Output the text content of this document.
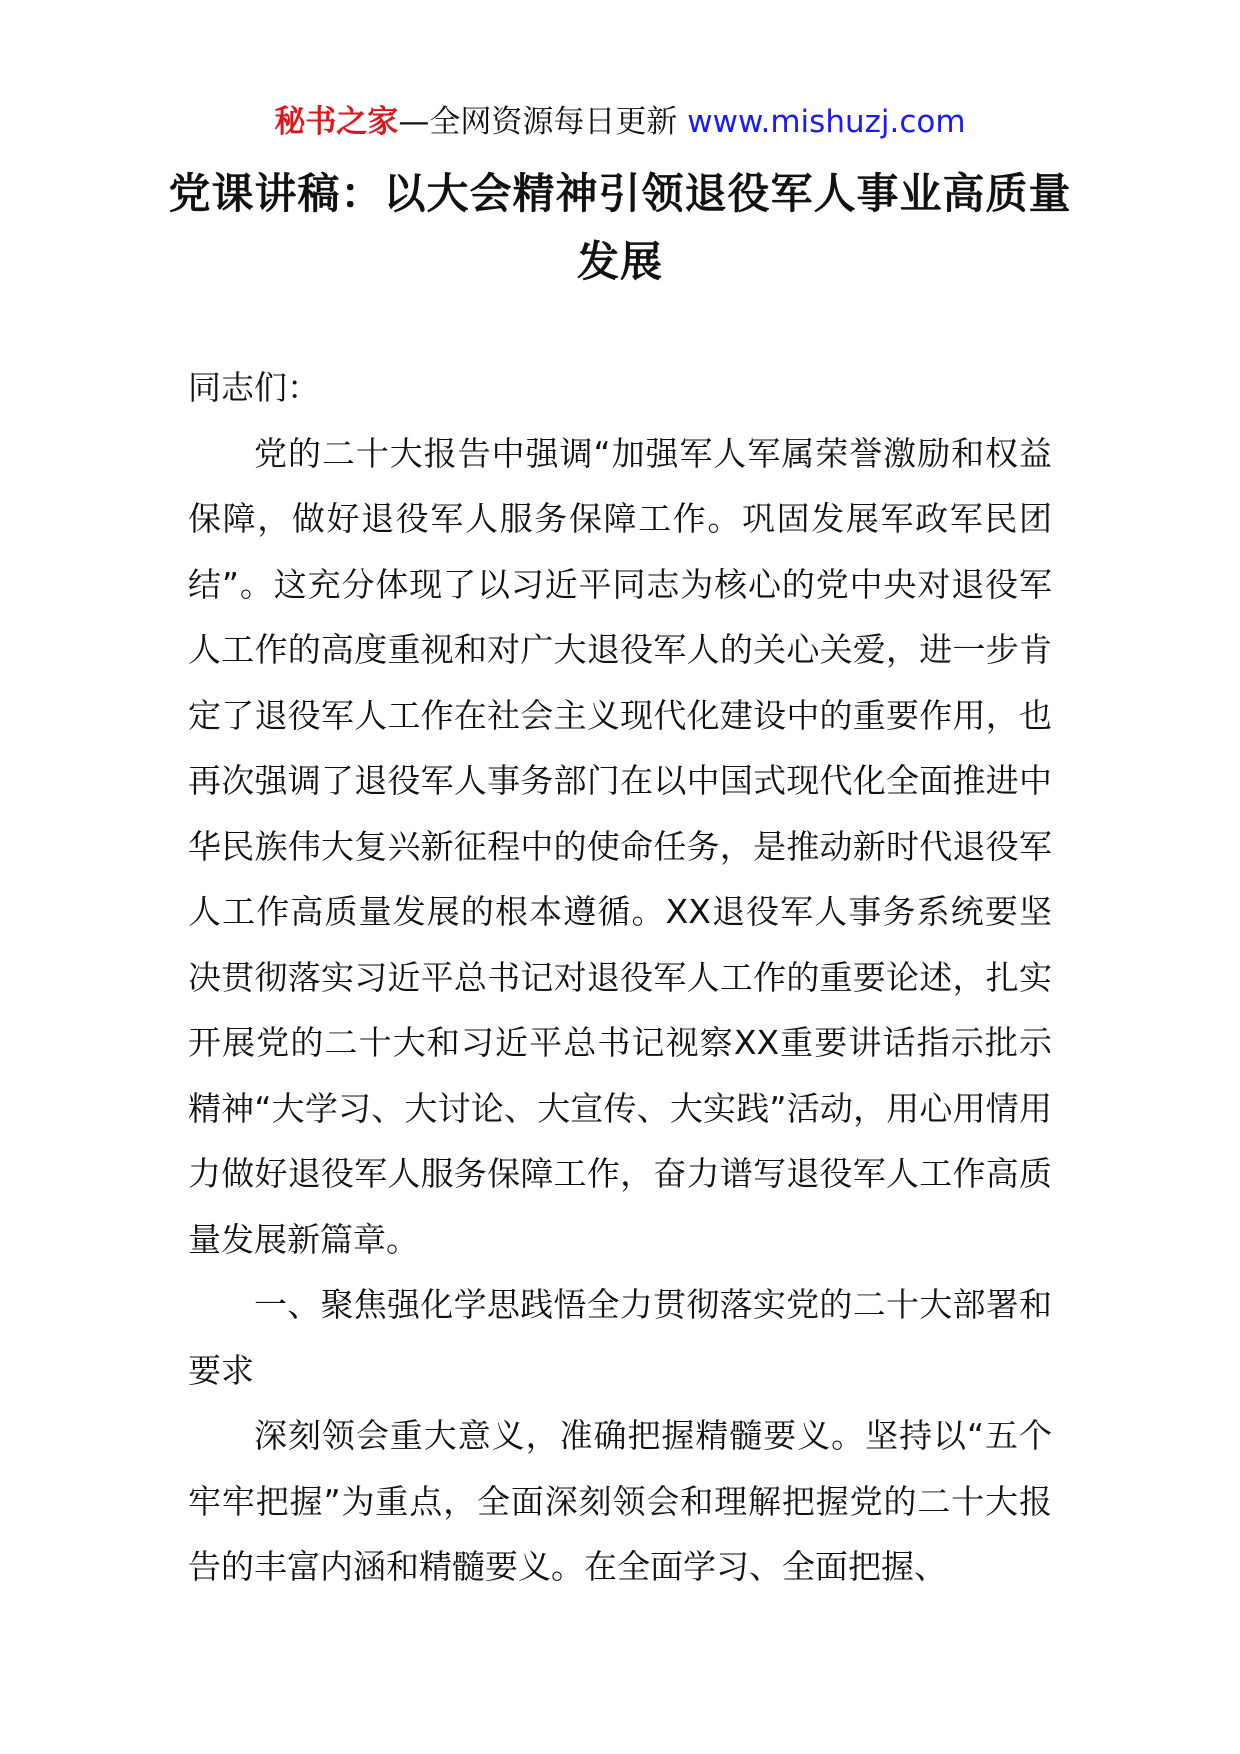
秘书之家—全网资源每日更新 www.mishuzj.com
党课讲稿：以大会精神引领退役军人事业高质量发展

同志们：

党的二十大报告中强调“加强军人军属荣誉激励和权益保障，做好退役军人服务保障工作。巩固发展军政军民团结”。这充分体现了以习近平同志为核心的党中央对退役军人工作的高度重视和对广大退役军人的关心关爱，进一步肯定了退役军人工作在社会主义现代化建设中的重要作用，也再次强调了退役军人事务部门在以中国式现代化全面推进中华民族伟大复兴新征程中的使命任务，是推动新时代退役军人工作高质量发展的根本遵循。XX退役军人事务系统要坚决贯彻落实习近平总书记对退役军人工作的重要论述，扎实开展党的二十大和习近平总书记视察XX重要讲话指示批示精神“大学习、大讨论、大宣传、大实践”活动，用心用情用力做好退役军人服务保障工作，奋力谱写退役军人工作高质量发展新篇章。

一、聚焦强化学思践悟全力贯彻落实党的二十大部署和要求

深刻领会重大意义，准确把握精髓要义。坚持以“五个牢牢把握”为重点，全面深刻领会和理解把握党的二十大报告的丰富内涵和精髓要义。在全面学习、全面把握、
